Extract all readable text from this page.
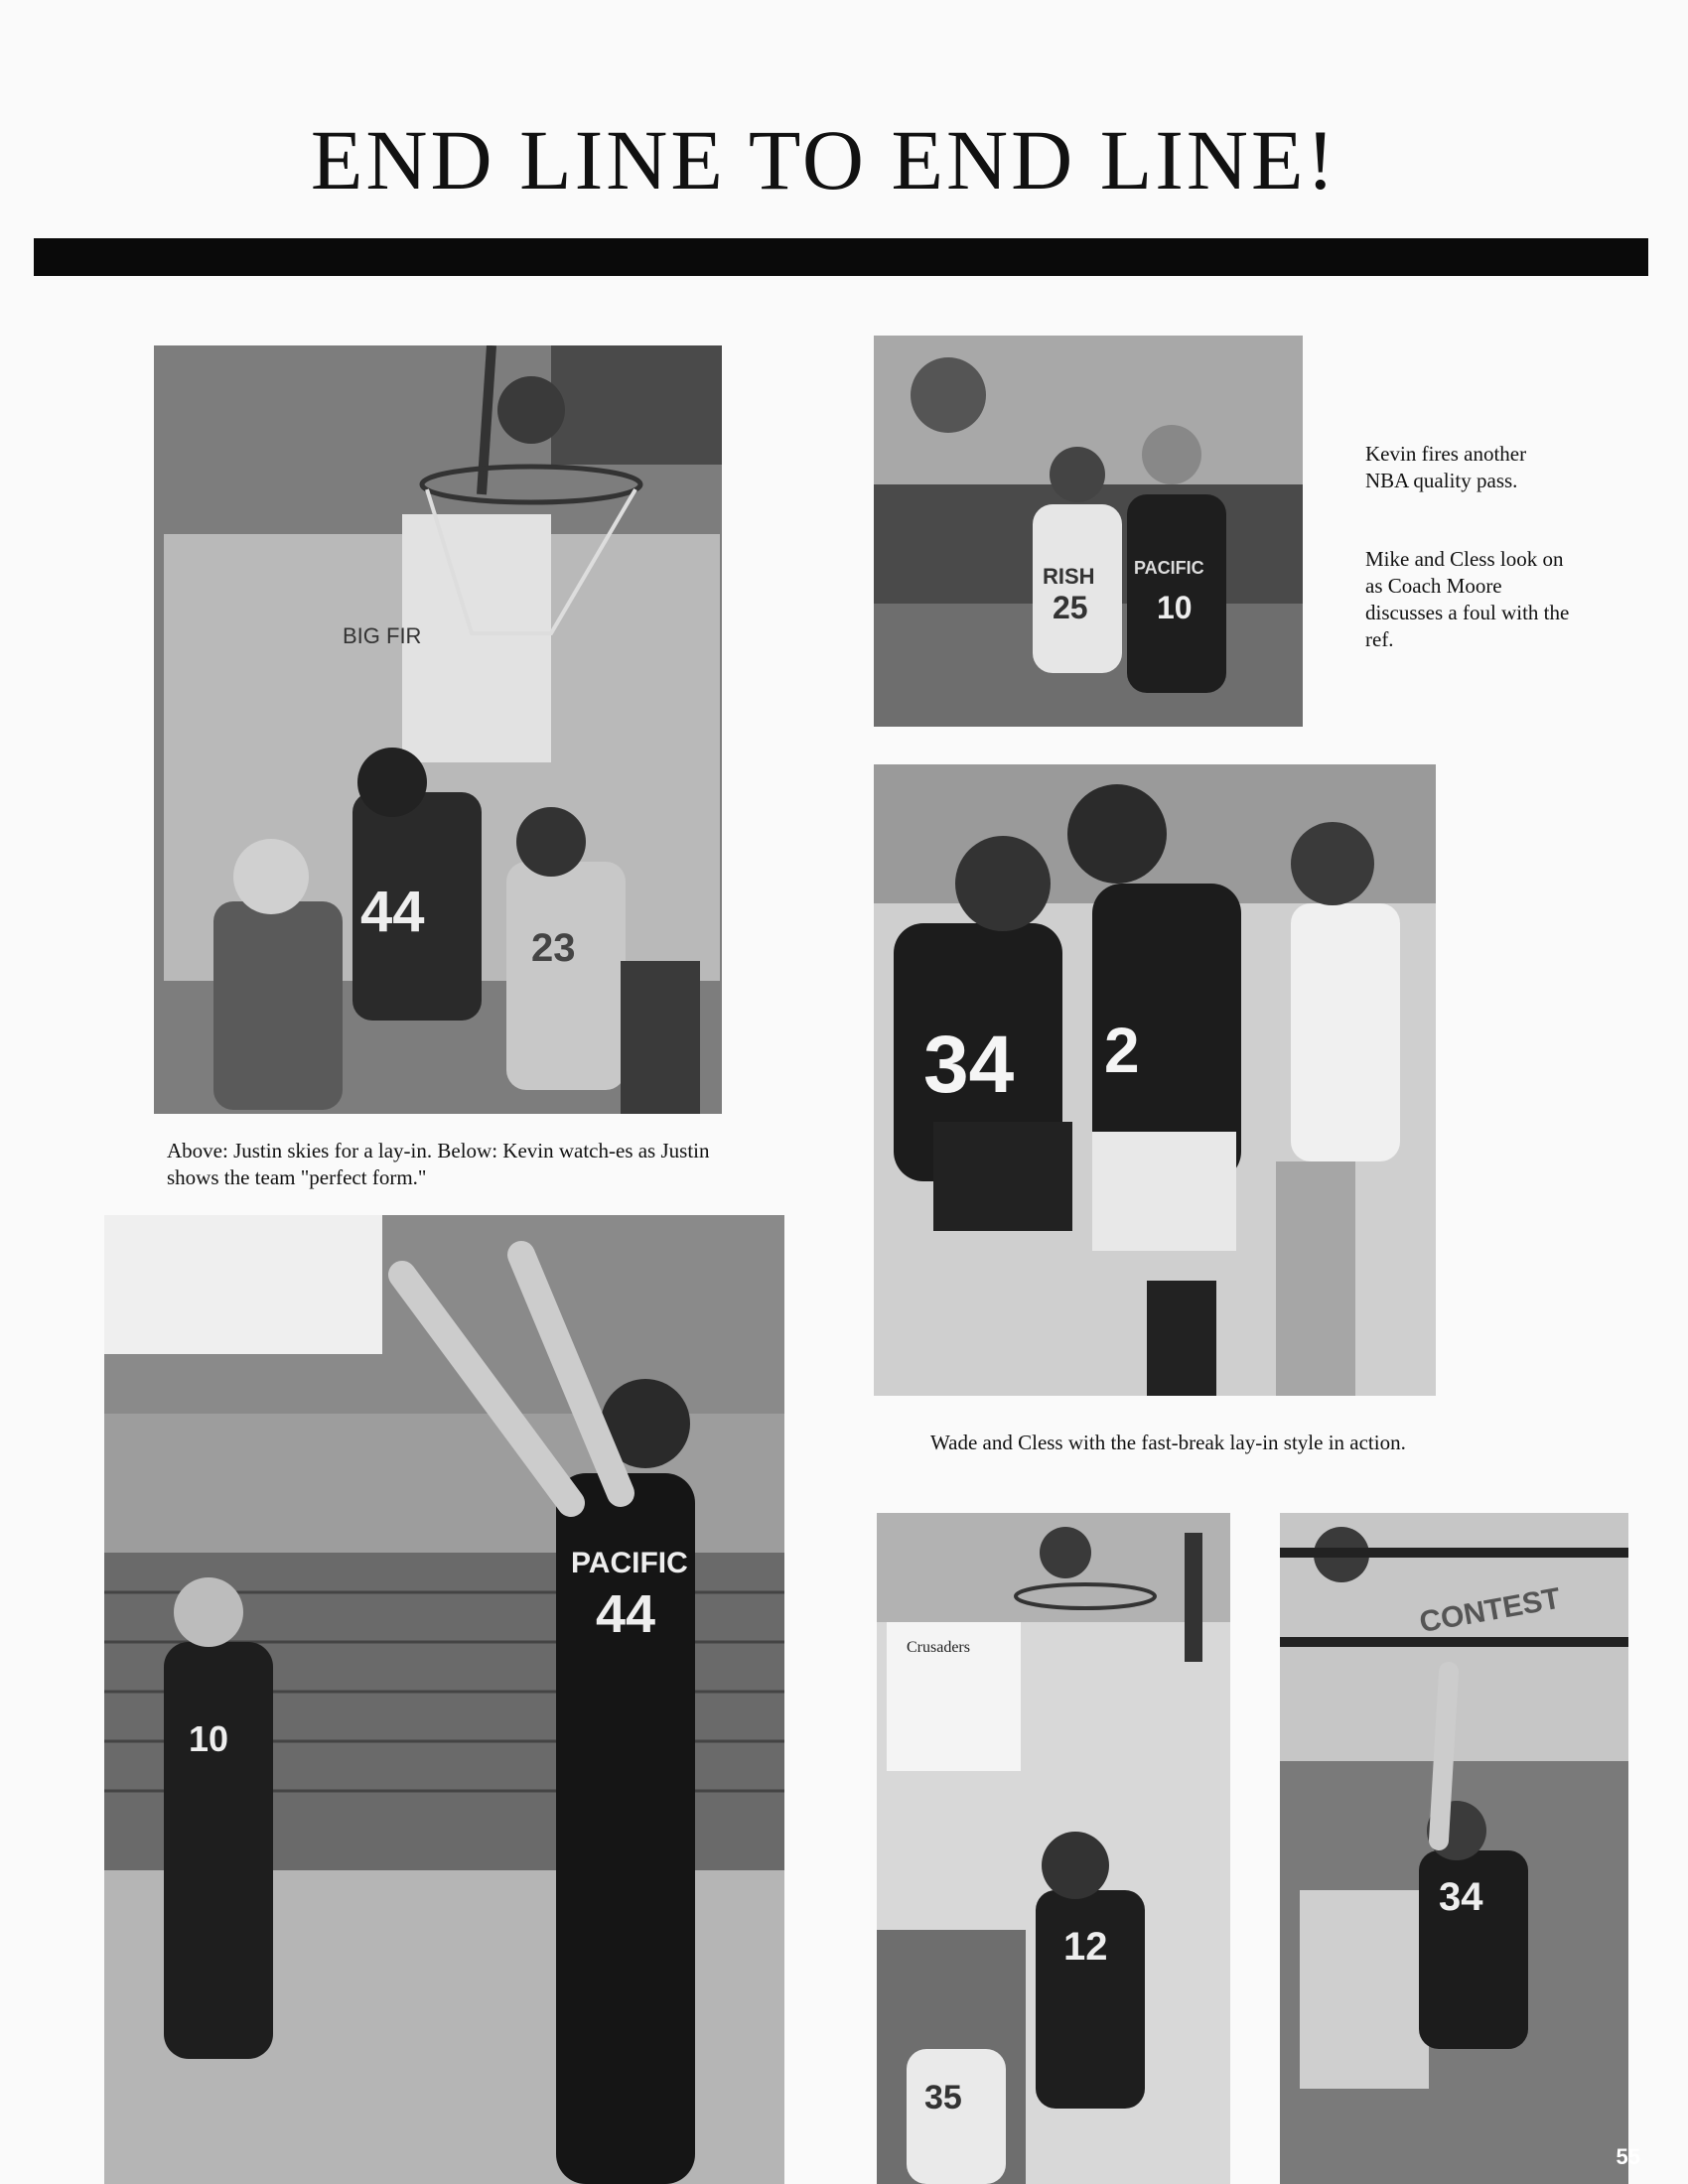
END LINE TO END LINE!
BIG FIR
44
23
RISH PACIFIC
25 10

Kevin fires another NBA quality pass.

Mike and Cless look on as Coach Moore discusses a foul with the ref.

34 2

Wade and Cless with the fast-break lay-in style in action.

Above: Justin skies for a lay-in. Below: Kevin watch-es as Justin shows the team "perfect form."

PACIFIC
44
10
Crusaders
12
35
CONTEST
34
55
